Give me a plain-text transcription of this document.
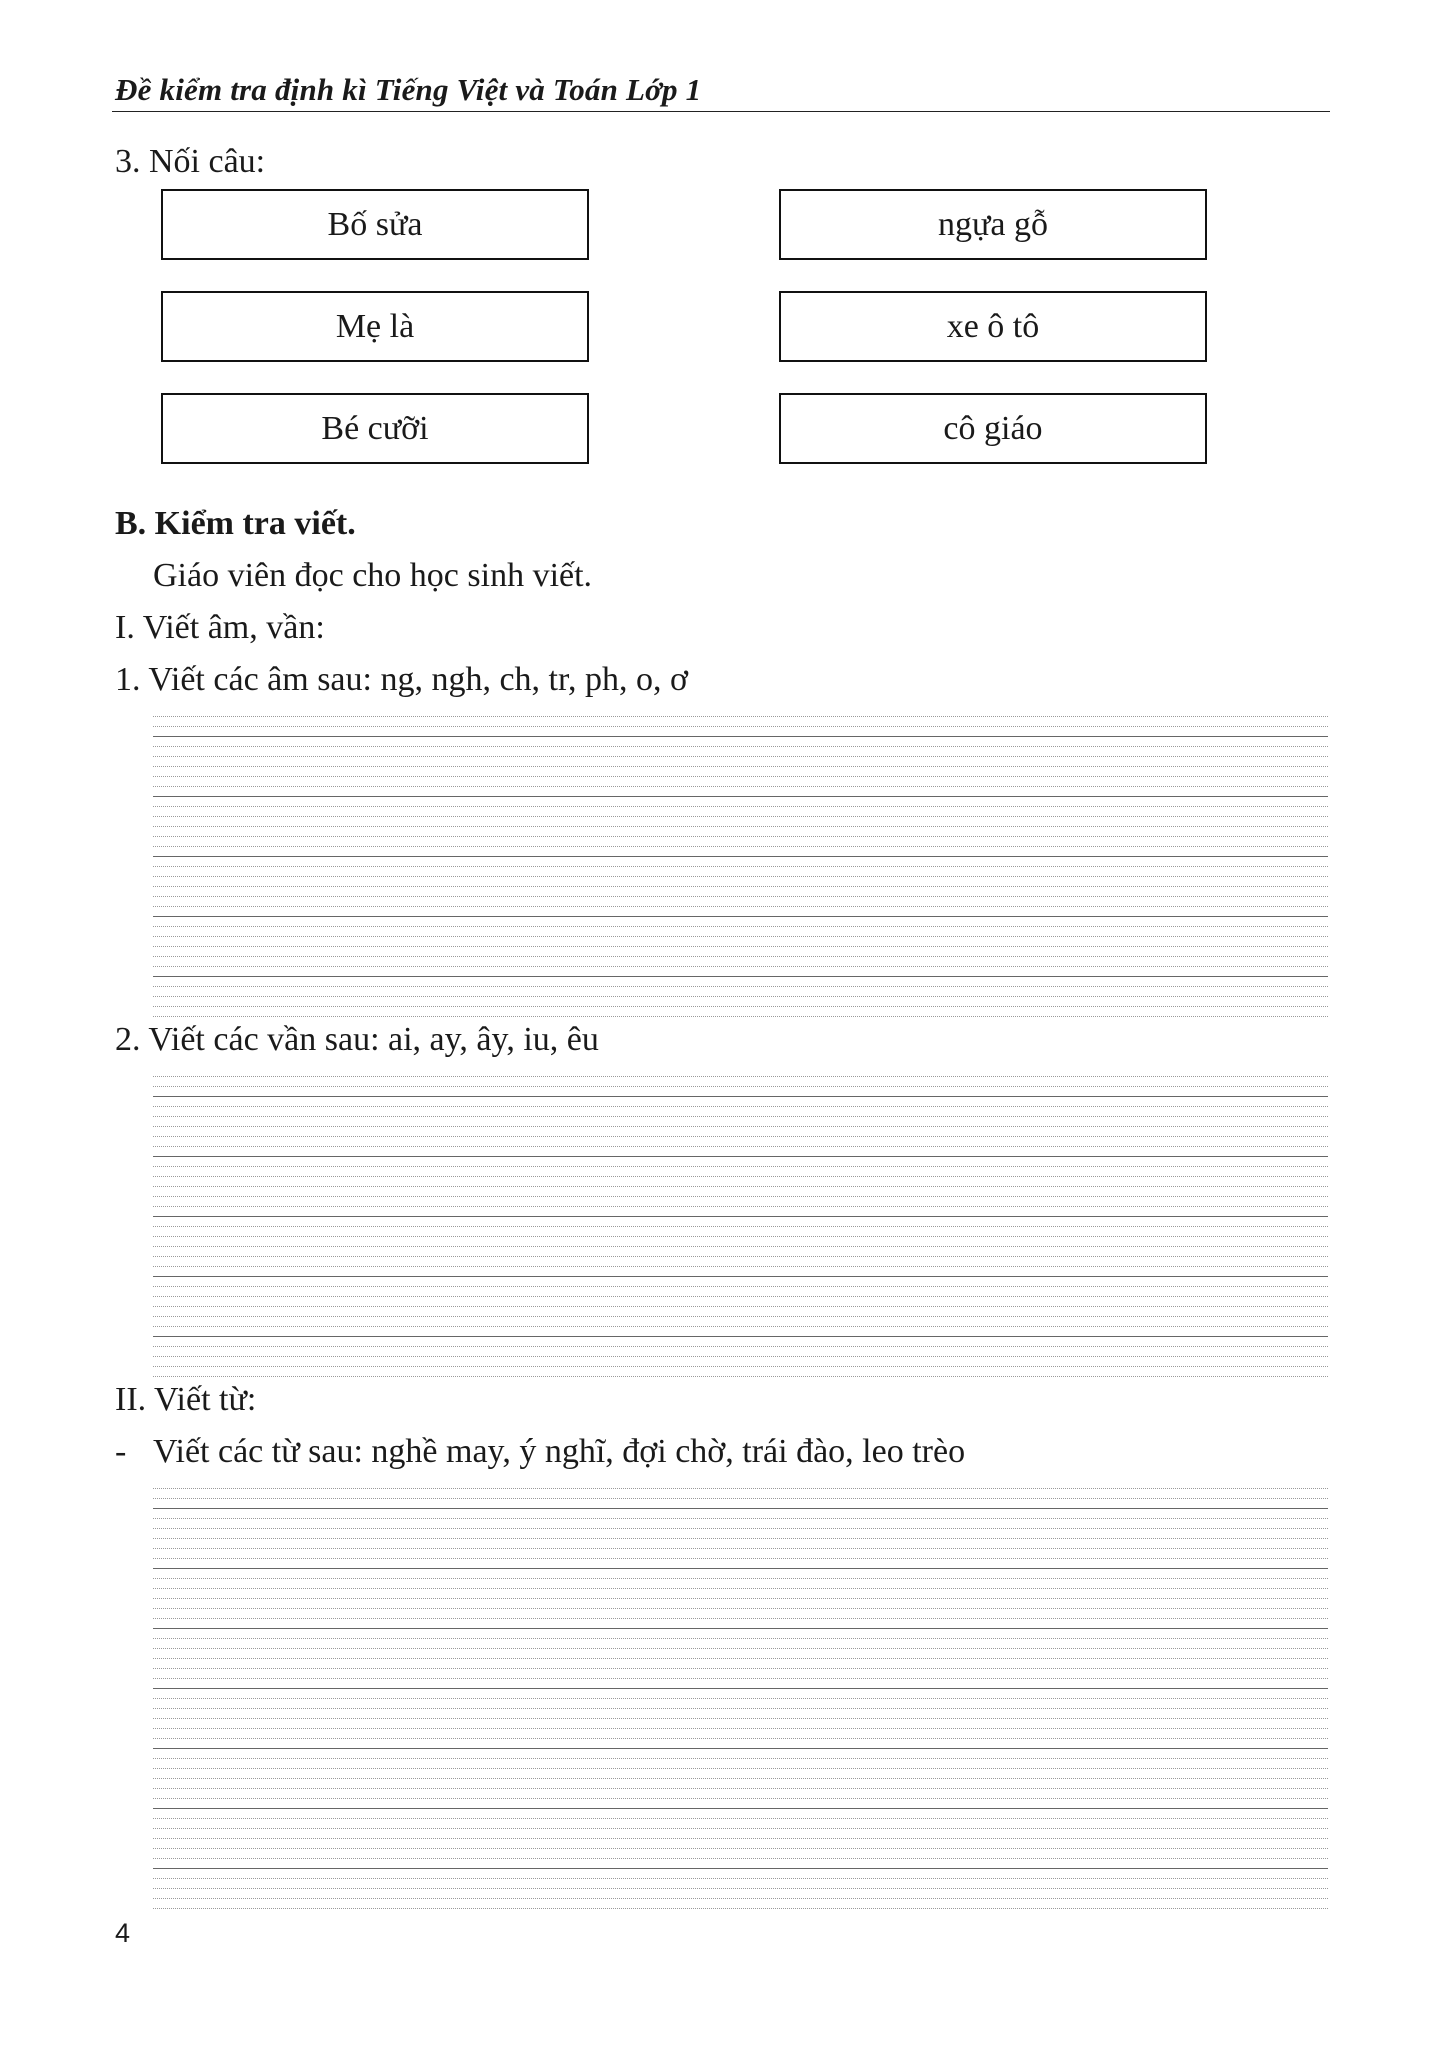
Đề kiểm tra định kì Tiếng Việt và Toán Lớp 1
3. Nối câu:
Bố sửa
Mẹ là
Bé cưỡi
ngựa gỗ
xe ô tô
cô giáo
B. Kiểm tra viết.
Giáo viên đọc cho học sinh viết.
I. Viết âm, vần:
1. Viết các âm sau: ng, ngh, ch, tr, ph, o, ơ
2. Viết các vần sau: ai, ay, ây, iu, êu
II. Viết từ:
- Viết các từ sau: nghề may, ý nghĩ, đợi chờ, trái đào, leo trèo
4
